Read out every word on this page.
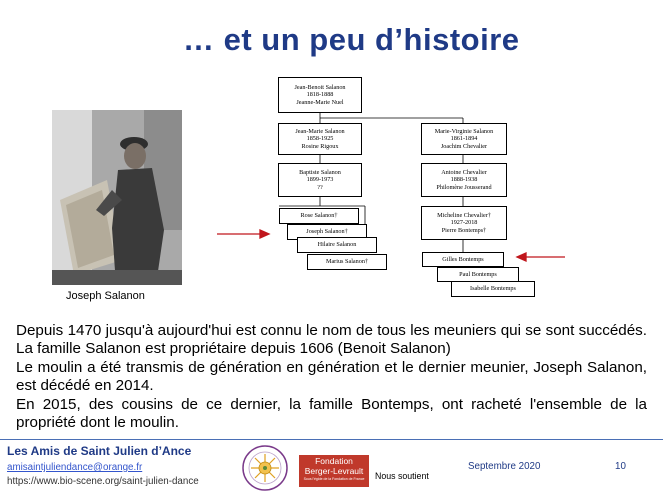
… et un peu d’histoire
Joseph Salanon
Jean-Benoit Salanon
1818-1888
Jeanne-Marie Nuel
Jean-Marie Salanon
1858-1925
Rosine Rigoux
Marie-Virginie Salanon
1861-1894
Joachim Chevalier
Baptiste Salanon
1899-1973
??
Antoine Chevalier
1888-1938
Philomène Jousserand
Micheline Chevalier†
1927-2018
Pierre Bontemps†
Rose Salanon†
Joseph Salanon†
Hilaire Salanon
Marius Salanon†	Gilles Bontemps
Paul Bontemps
Isabelle Bontemps

Depuis 1470 jusqu'à aujourd'hui est connu le nom de tous les meuniers qui se sont succédés. La famille Salanon est propriétaire depuis 1606 (Benoit Salanon)

Le moulin a été transmis de génération en génération et le dernier meunier, Joseph Salanon, est décédé en 2014.

En 2015, des cousins de ce dernier, la famille Bontemps, ont racheté l'ensemble de la propriété dont le moulin.

Les Amis de Saint Julien d’Ance
amisaintjuliendance@orange.fr
https://www.bio-scene.org/saint-julien-dance
Fondation
Berger-Levrault
Sous l'égide de la Fondation de France	Nous soutient
Septembre 2020	10
